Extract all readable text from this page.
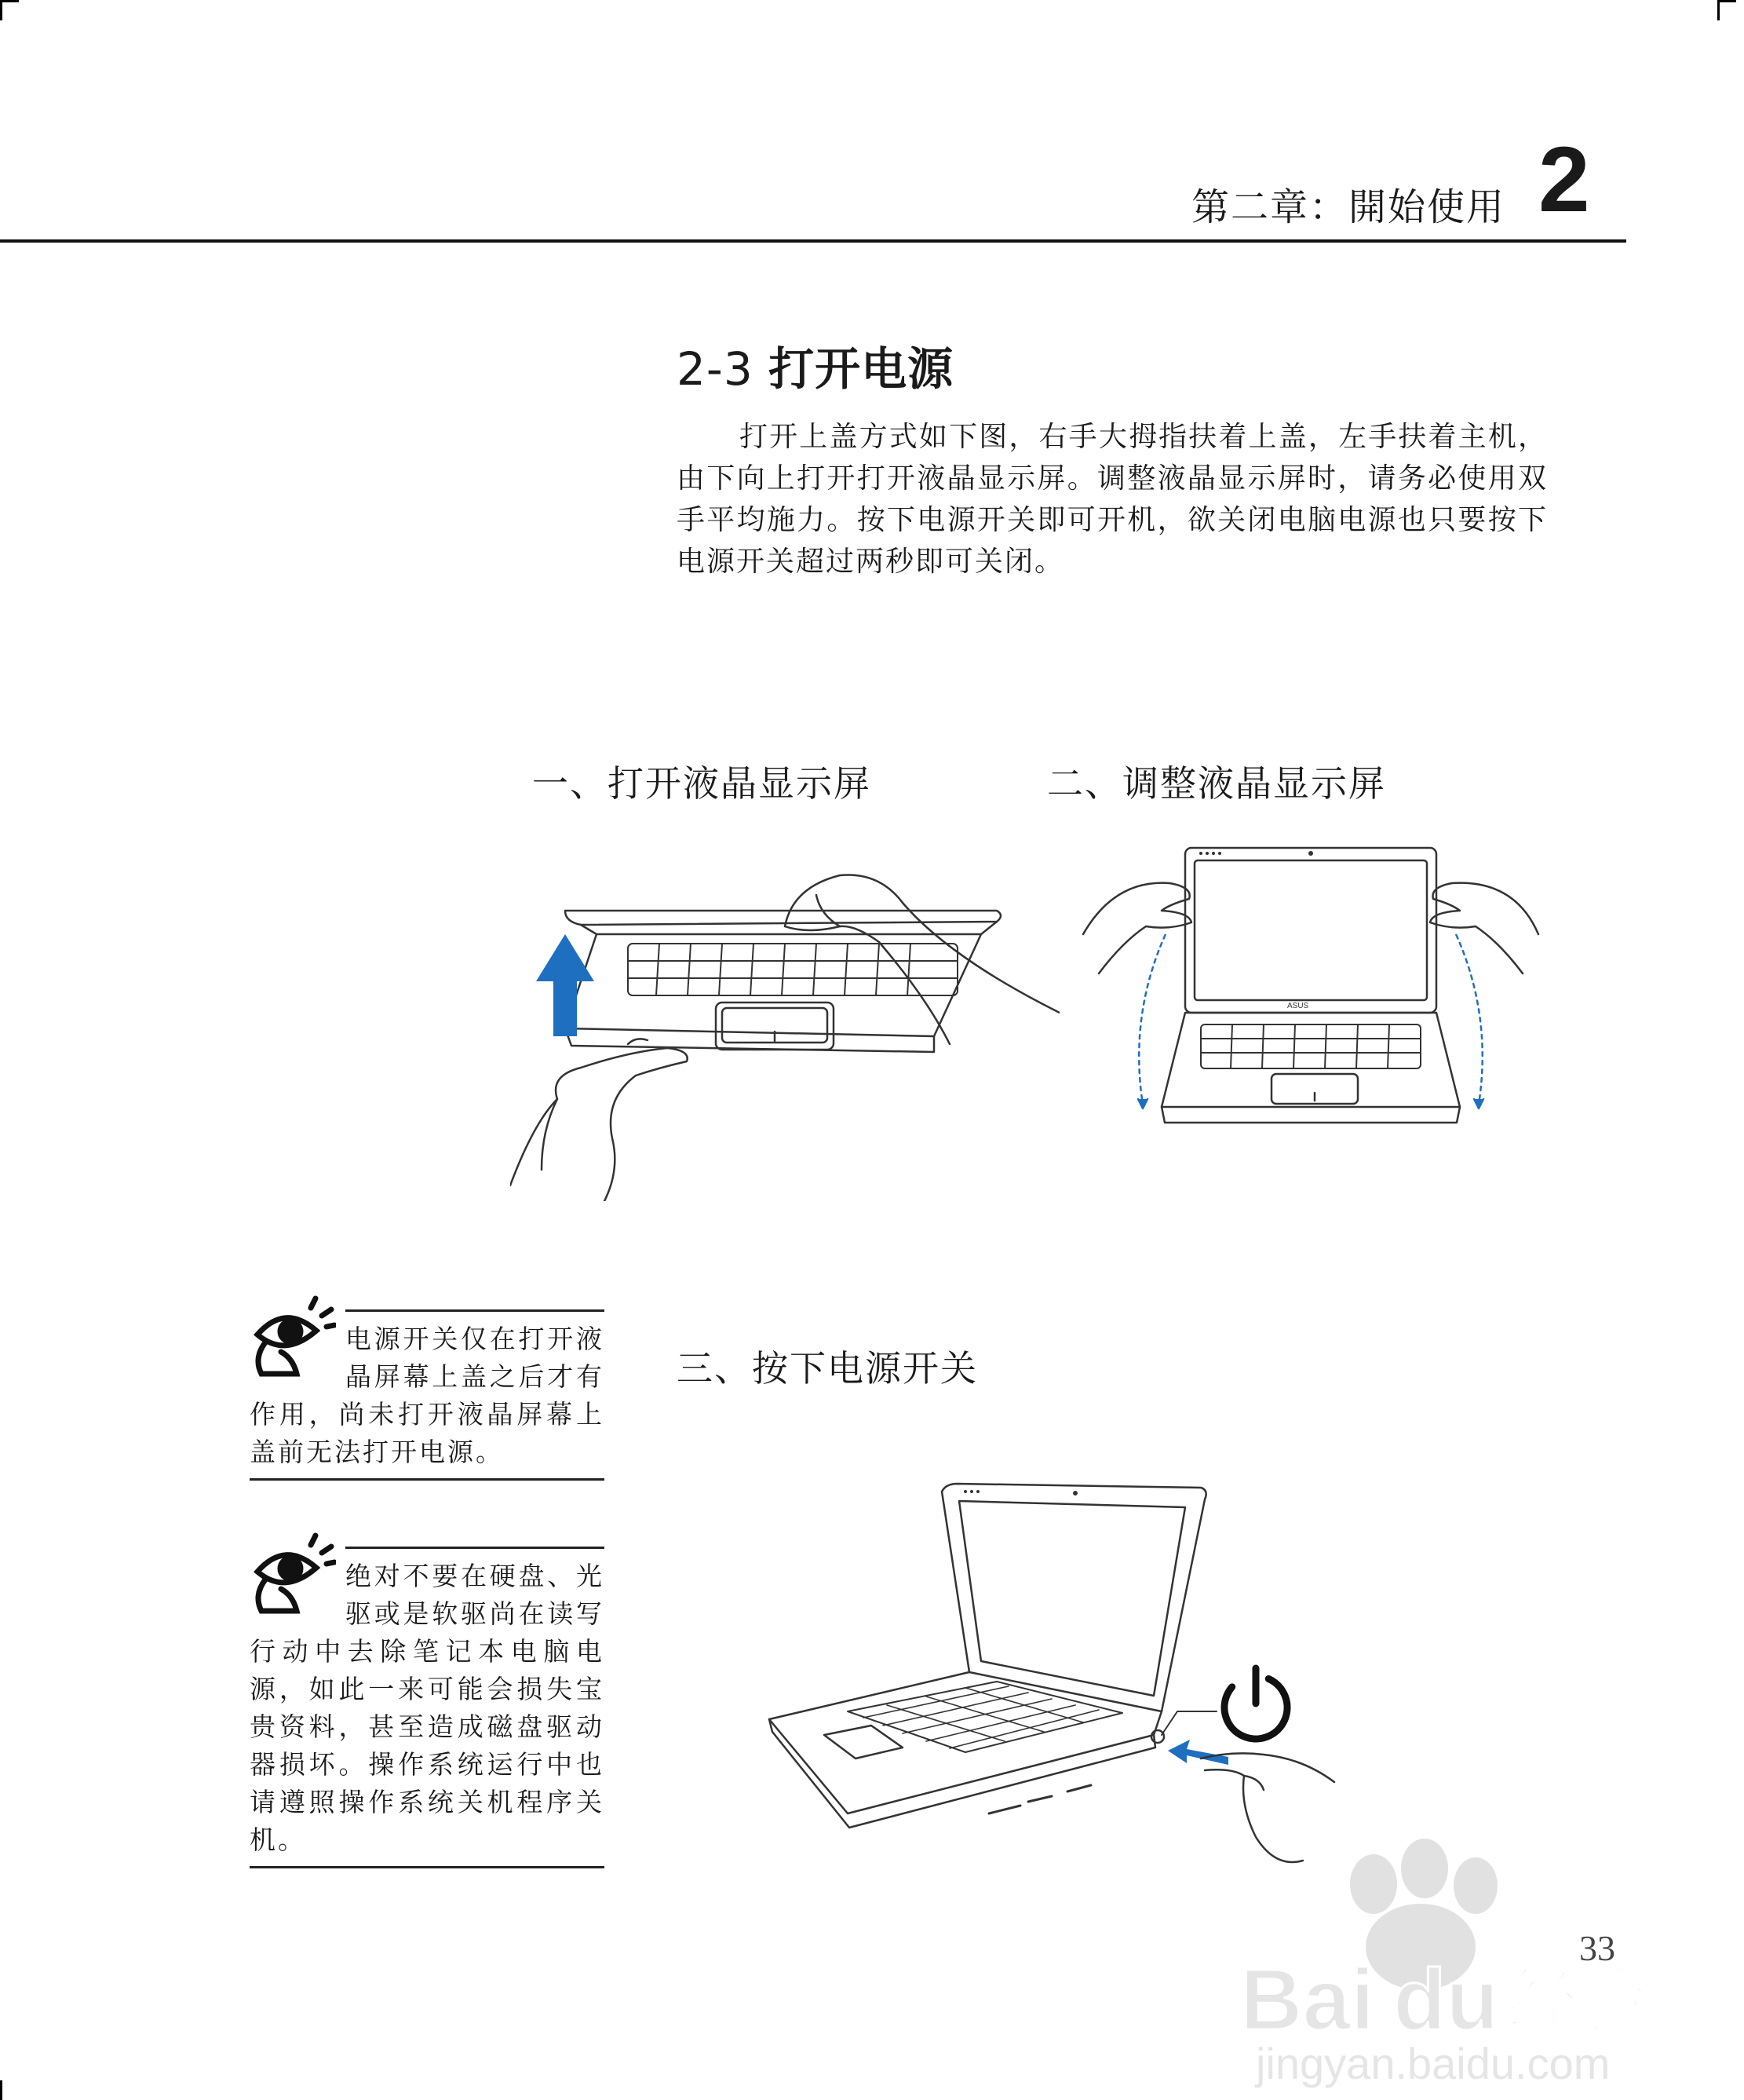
第二章：開始使用 2
2-3 打开电源

打开上盖方式如下图，右手大拇指扶着上盖，左手扶着主机，由下向上打开打开液晶显示屏。调整液晶显示屏时，请务必使用双手平均施力。按下电源开关即可开机，欲关闭电脑电源也只要按下电源开关超过两秒即可关闭。

一、打开液晶显示屏	二、调整液晶显示屏
三、按下电源开关
ASUS
电源开关仅在打开液晶屏幕上盖之后才有作用，尚未打开液晶屏幕上盖前无法打开电源。
绝对不要在硬盘、光驱或是软驱尚在读写行动中去除笔记本电脑电源，如此一来可能会损失宝贵资料，甚至造成磁盘驱动器损坏。操作系统运行中也请遵照操作系统关机程序关机。
33
Bai du 经验
jingyan.baidu.com
